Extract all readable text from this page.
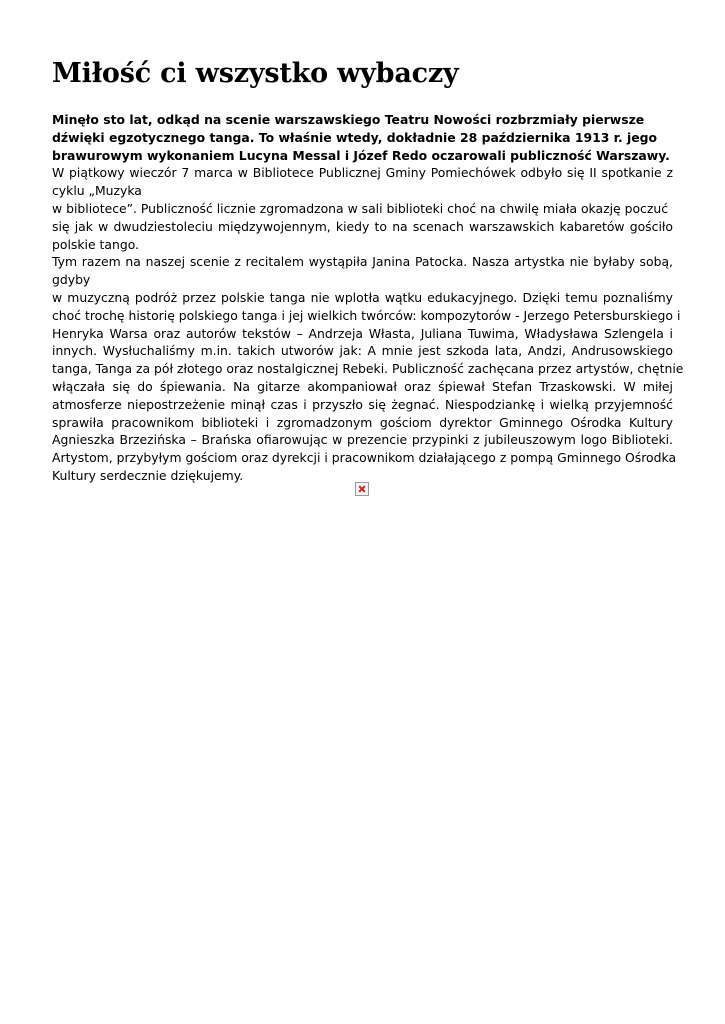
Miłość ci wszystko wybaczy
Minęło sto lat, odkąd na scenie warszawskiego Teatru Nowości rozbrzmiały pierwsze
dźwięki egzotycznego tanga. To właśnie wtedy, dokładnie 28 października 1913 r. jego
brawurowym wykonaniem Lucyna Messal i Józef Redo oczarowali publiczność Warszawy.
W piątkowy wieczór 7 marca w Bibliotece Publicznej Gminy Pomiechówek odbyło się II spotkanie z
cyklu „Muzyka
w bibliotece”. Publiczność licznie zgromadzona w sali biblioteki choć na chwilę miała okazję poczuć
się jak w dwudziestoleciu międzywojennym, kiedy to na scenach warszawskich kabaretów gościło
polskie tango.
Tym razem na naszej scenie z recitalem wystąpiła Janina Patocka. Nasza artystka nie byłaby sobą,
gdyby
w muzyczną podróż przez polskie tanga nie wplotła wątku edukacyjnego. Dzięki temu poznaliśmy
choć trochę historię polskiego tanga i jej wielkich twórców: kompozytorów - Jerzego Petersburskiego i
Henryka Warsa oraz autorów tekstów – Andrzeja Własta, Juliana Tuwima, Władysława Szlengela i
innych. Wysłuchaliśmy m.in. takich utworów jak: A mnie jest szkoda lata, Andzi, Andrusowskiego
tanga, Tanga za pół złotego oraz nostalgicznej Rebeki. Publiczność zachęcana przez artystów, chętnie
włączała się do śpiewania. Na gitarze akompaniował oraz śpiewał Stefan Trzaskowski. W miłej
atmosferze niepostrzeżenie minął czas i przyszło się żegnać. Niespodziankę i wielką przyjemność
sprawiła pracownikom biblioteki i zgromadzonym gościom dyrektor Gminnego Ośrodka Kultury
Agnieszka Brzezińska – Brańska ofiarowując w prezencie przypinki z jubileuszowym logo Biblioteki.
Artystom, przybyłym gościom oraz dyrekcji i pracownikom działającego z pompą Gminnego Ośrodka
Kultury serdecznie dziękujemy.
